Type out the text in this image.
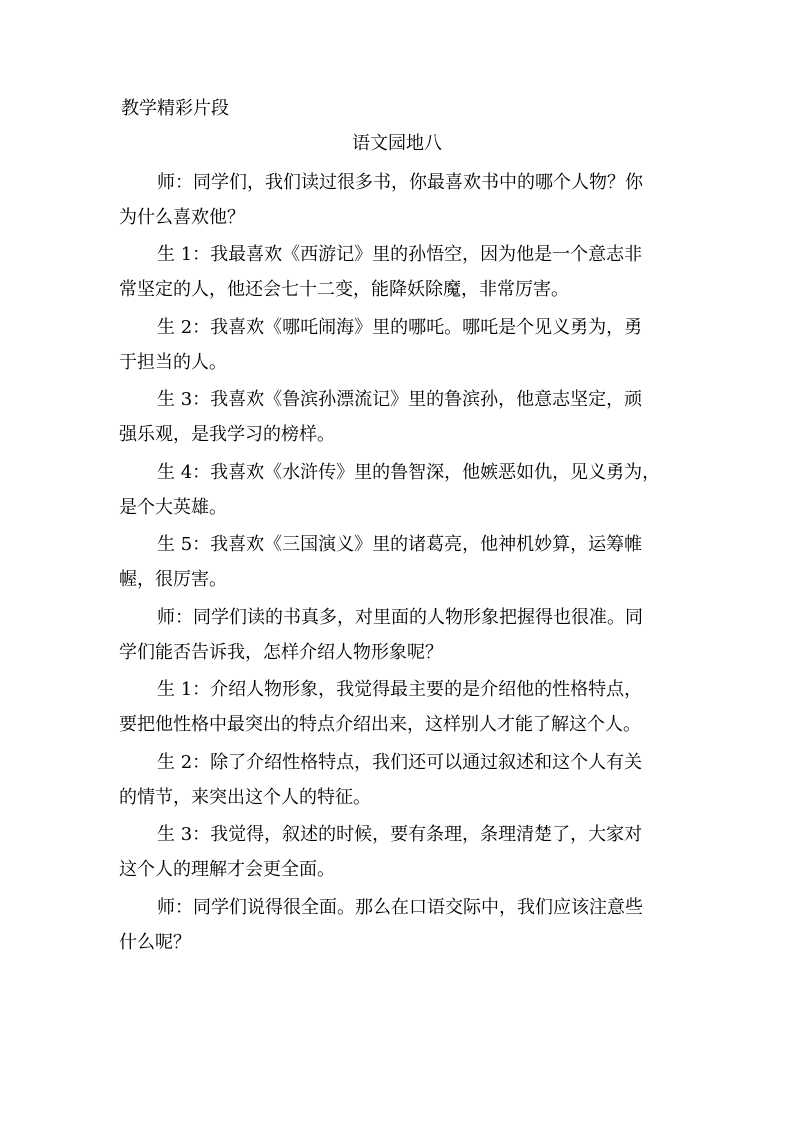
教学精彩片段
语文园地八
师：同学们，我们读过很多书，你最喜欢书中的哪个人物？你
为什么喜欢他？
生 1：我最喜欢《西游记》里的孙悟空，因为他是一个意志非
常坚定的人，他还会七十二变，能降妖除魔，非常厉害。
生 2：我喜欢《哪吒闹海》里的哪吒。哪吒是个见义勇为，勇
于担当的人。
生 3：我喜欢《鲁滨孙漂流记》里的鲁滨孙，他意志坚定，顽
强乐观，是我学习的榜样。
生 4：我喜欢《水浒传》里的鲁智深，他嫉恶如仇，见义勇为，
是个大英雄。
生 5：我喜欢《三国演义》里的诸葛亮，他神机妙算，运筹帷
幄，很厉害。
师：同学们读的书真多，对里面的人物形象把握得也很准。同
学们能否告诉我，怎样介绍人物形象呢？
生 1：介绍人物形象，我觉得最主要的是介绍他的性格特点，
要把他性格中最突出的特点介绍出来，这样别人才能了解这个人。
生 2：除了介绍性格特点，我们还可以通过叙述和这个人有关
的情节，来突出这个人的特征。
生 3：我觉得，叙述的时候，要有条理，条理清楚了，大家对
这个人的理解才会更全面。
师：同学们说得很全面。那么在口语交际中，我们应该注意些
什么呢？
